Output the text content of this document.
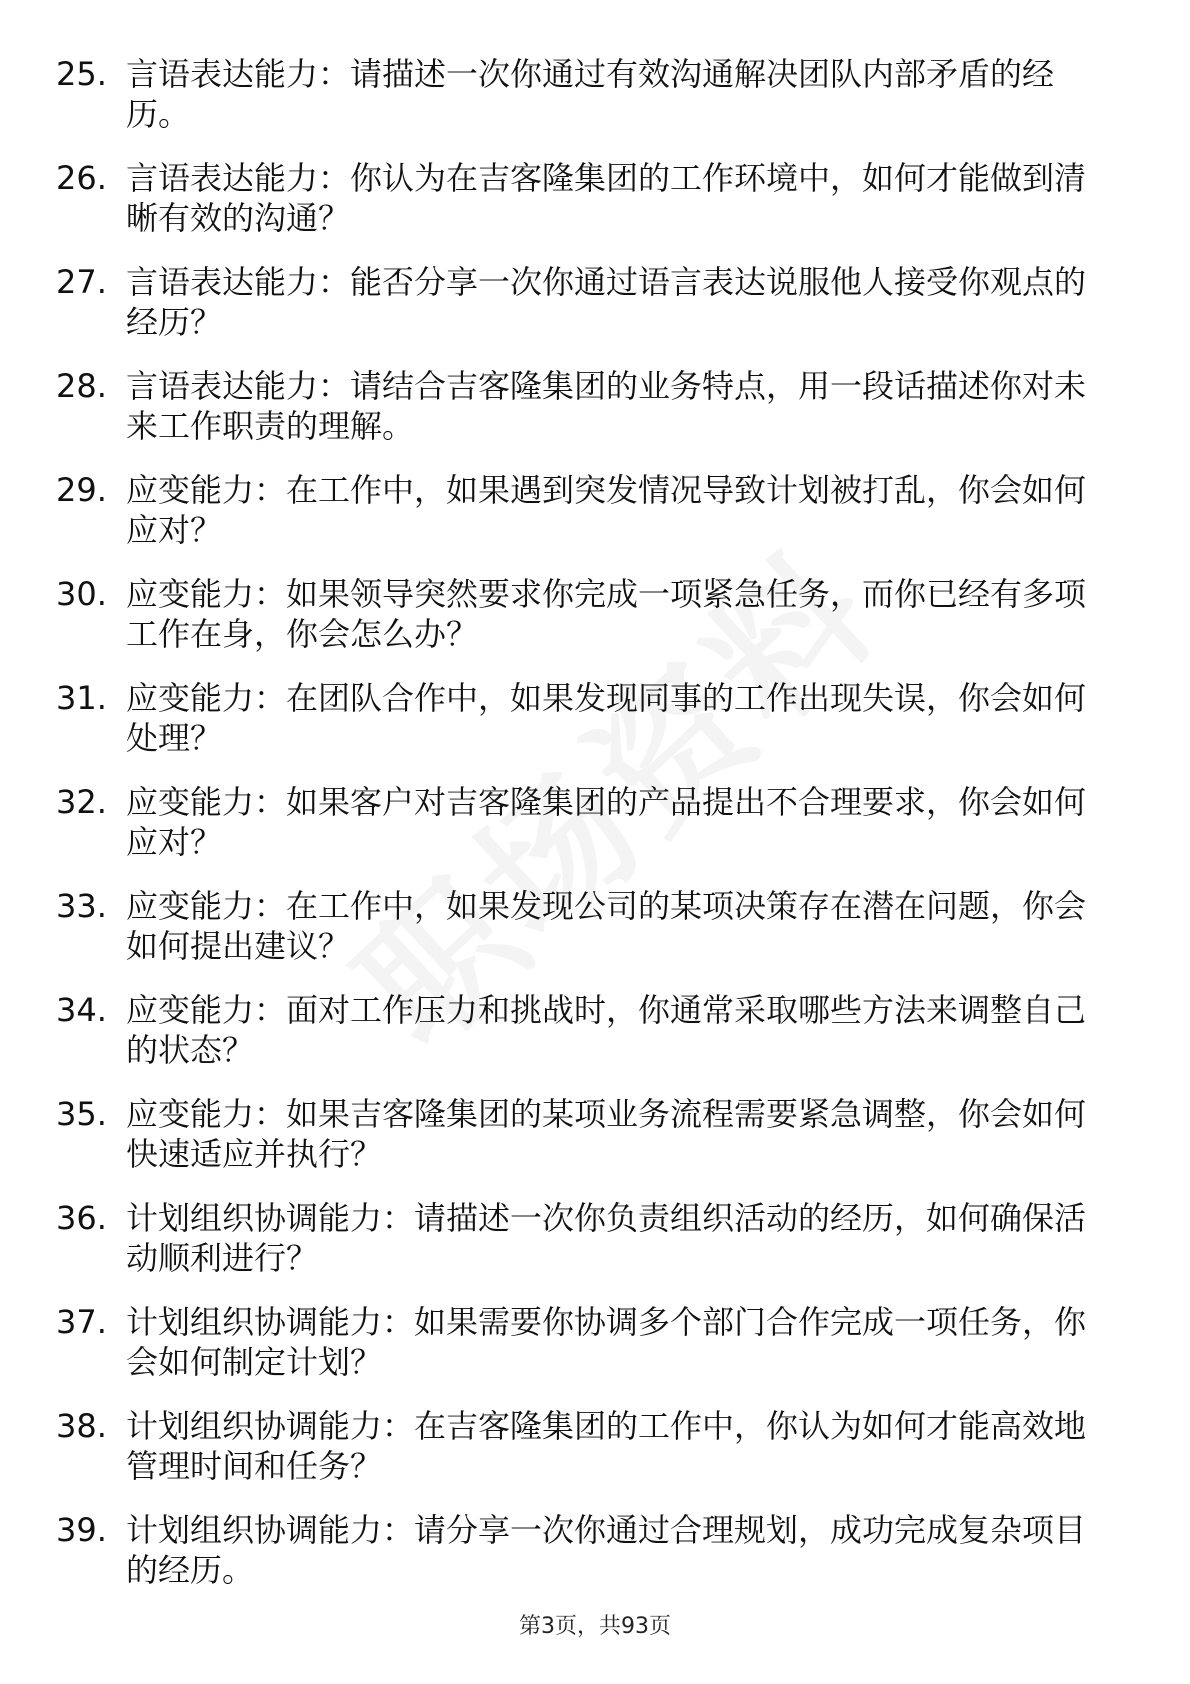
25. 言语表达能力：请描述一次你通过有效沟通解决团队内部矛盾的经历。
26. 言语表达能力：你认为在吉客隆集团的工作环境中，如何才能做到清晰有效的沟通？
27. 言语表达能力：能否分享一次你通过语言表达说服他人接受你观点的经历？
28. 言语表达能力：请结合吉客隆集团的业务特点，用一段话描述你对未来工作职责的理解。
29. 应变能力：在工作中，如果遇到突发情况导致计划被打乱，你会如何应对？
30. 应变能力：如果领导突然要求你完成一项紧急任务，而你已经有多项工作在身，你会怎么办？
31. 应变能力：在团队合作中，如果发现同事的工作出现失误，你会如何处理？
32. 应变能力：如果客户对吉客隆集团的产品提出不合理要求，你会如何应对？
33. 应变能力：在工作中，如果发现公司的某项决策存在潜在问题，你会如何提出建议？
34. 应变能力：面对工作压力和挑战时，你通常采取哪些方法来调整自己的状态？
35. 应变能力：如果吉客隆集团的某项业务流程需要紧急调整，你会如何快速适应并执行？
36. 计划组织协调能力：请描述一次你负责组织活动的经历，如何确保活动顺利进行？
37. 计划组织协调能力：如果需要你协调多个部门合作完成一项任务，你会如何制定计划？
38. 计划组织协调能力：在吉客隆集团的工作中，你认为如何才能高效地管理时间和任务？
39. 计划组织协调能力：请分享一次你通过合理规划，成功完成复杂项目的经历。
第3页，共93页
